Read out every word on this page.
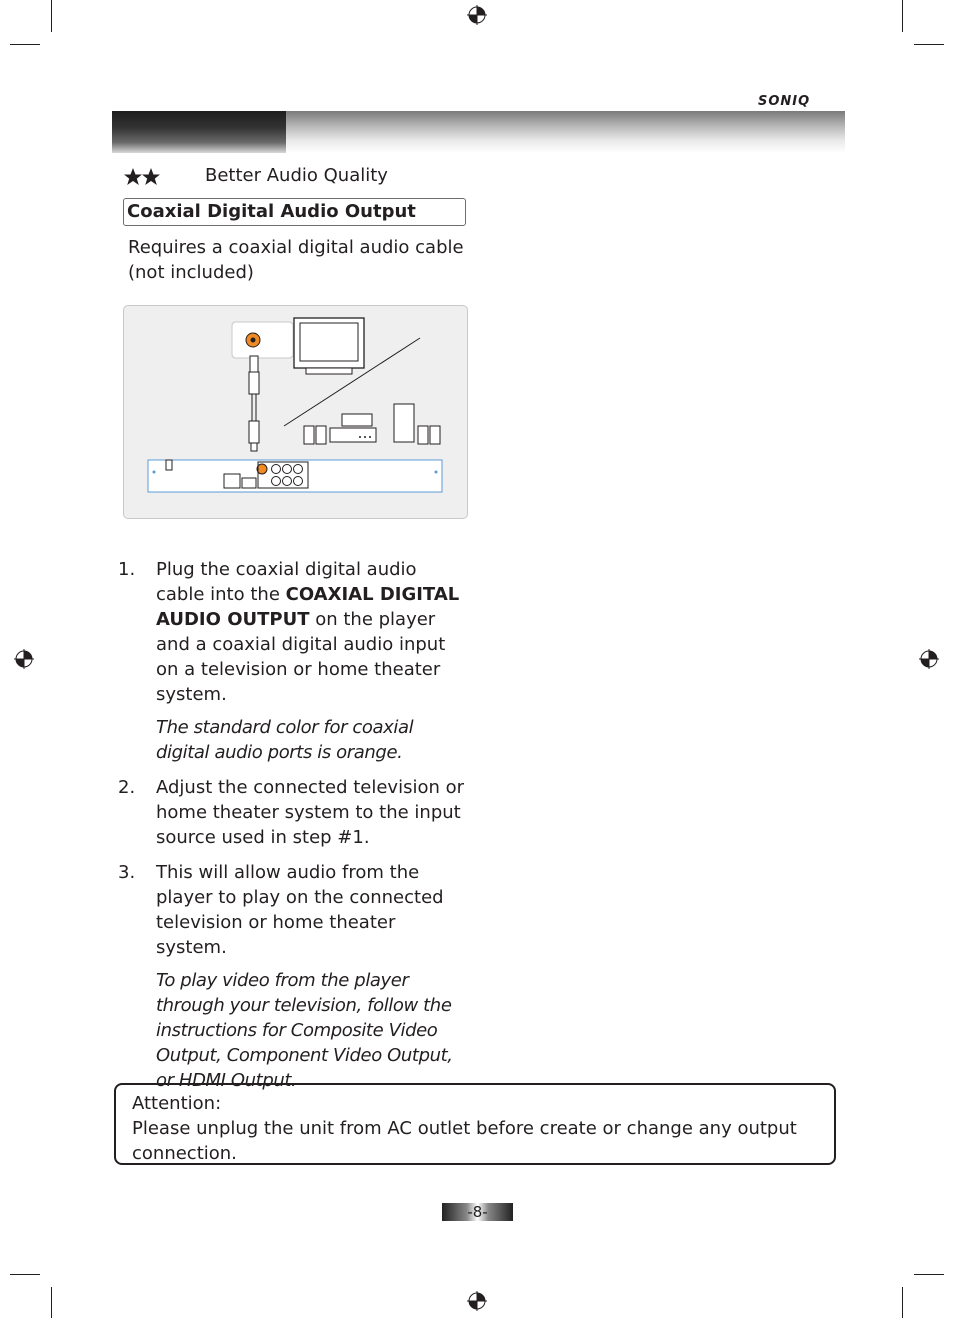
SONIQ
Better Audio Quality
Coaxial Digital Audio Output
Requires a coaxial digital audio cable (not included)
1. Plug the coaxial digital audio cable into the COAXIAL DIGITAL AUDIO OUTPUT on the player and a coaxial digital audio input on a television or home theater system.
The standard color for coaxial digital audio ports is orange.
2. Adjust the connected television or home theater system to the input source used in step #1.
3. This will allow audio from the player to play on the connected television or home theater system.
To play video from the player through your television, follow the instructions for Composite Video Output, Component Video Output, or HDMI Output.
Attention:
Please unplug the unit from AC outlet before create or change any output connection.
-8-
